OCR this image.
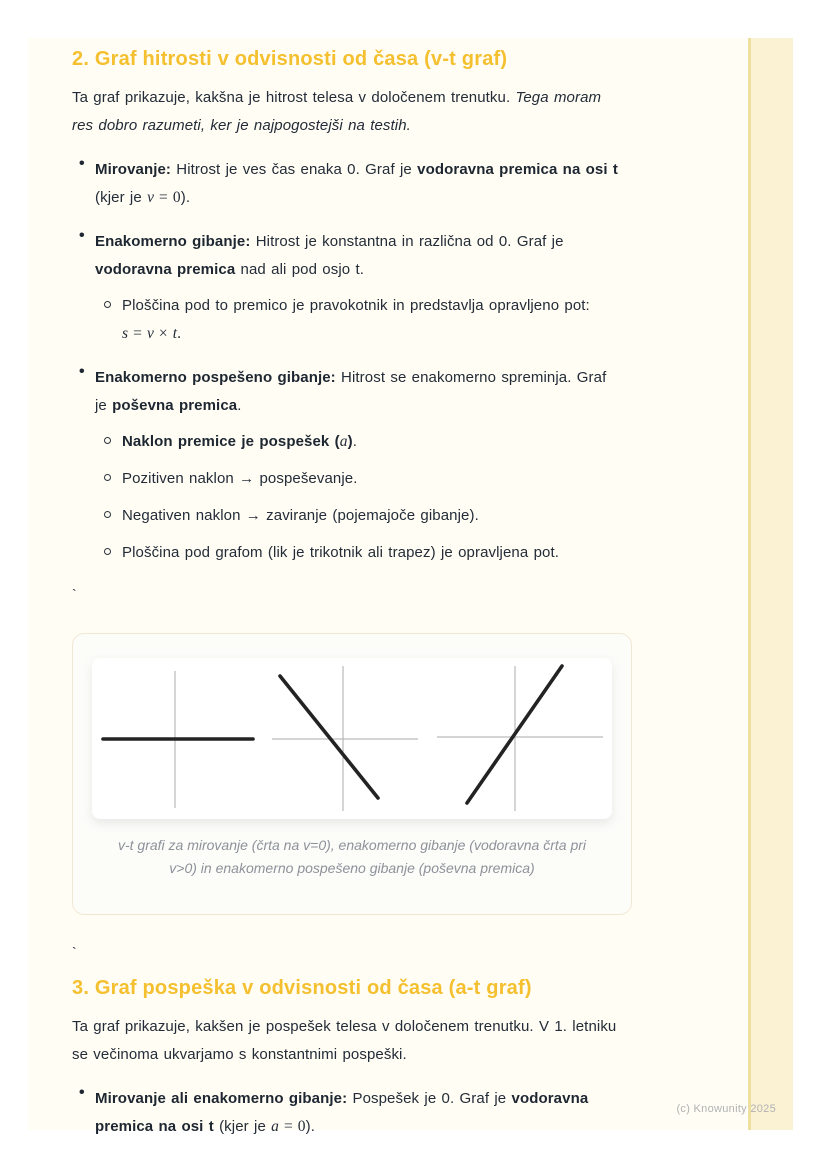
2. Graf hitrosti v odvisnosti od časa (v-t graf)
Ta graf prikazuje, kakšna je hitrost telesa v določenem trenutku. Tega moram
res dobro razumeti, ker je najpogostejši na testih.
• Mirovanje: Hitrost je ves čas enaka 0. Graf je vodoravna premica na osi t
(kjer je v = 0).
• Enakomerno gibanje: Hitrost je konstantna in različna od 0. Graf je
vodoravna premica nad ali pod osjo t.
Ploščina pod to premico je pravokotnik in predstavlja opravljeno pot:
s = v × t.
• Enakomerno pospešeno gibanje: Hitrost se enakomerno spreminja. Graf
je poševna premica.
Naklon premice je pospešek (a).
Pozitiven naklon → pospeševanje.
Negativen naklon → zaviranje (pojemajoče gibanje).
Ploščina pod grafom (lik je trikotnik ali trapez) je opravljena pot.

`

v-t grafi za mirovanje (črta na v=0), enakomerno gibanje (vodoravna črta pri
v>0) in enakomerno pospešeno gibanje (poševna premica)

`

3. Graf pospeška v odvisnosti od časa (a-t graf)
Ta graf prikazuje, kakšen je pospešek telesa v določenem trenutku. V 1. letniku
se večinoma ukvarjamo s konstantnimi pospeški.
• Mirovanje ali enakomerno gibanje: Pospešek je 0. Graf je vodoravna
premica na osi t (kjer je a = 0).
(c) Knowunity 2025
